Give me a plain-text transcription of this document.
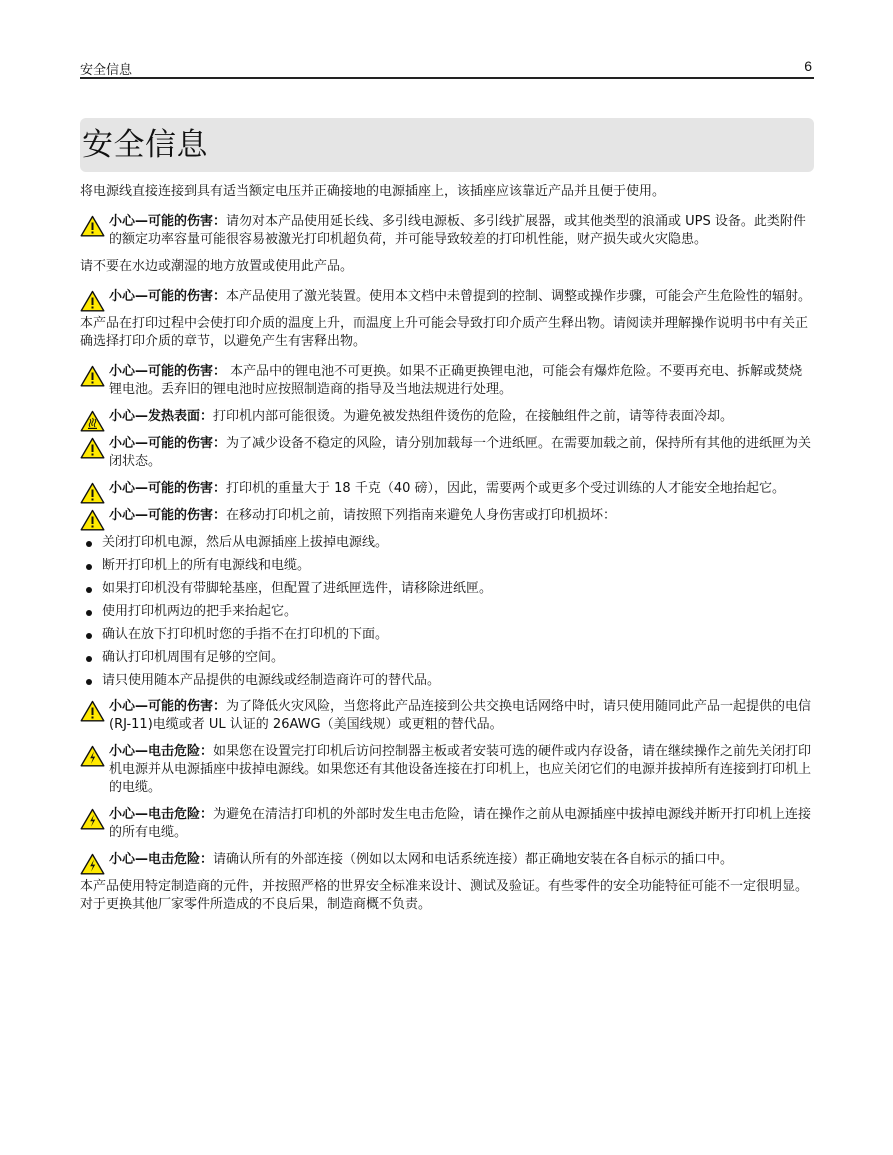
安全信息	6
安全信息

将电源线直接连接到具有适当额定电压并正确接地的电源插座上，该插座应该靠近产品并且便于使用。

小心—可能的伤害：请勿对本产品使用延长线、多引线电源板、多引线扩展器，或其他类型的浪涌或 UPS 设备。此类附件的额定功率容量可能很容易被激光打印机超负荷，并可能导致较差的打印机性能，财产损失或火灾隐患。

请不要在水边或潮湿的地方放置或使用此产品。

小心—可能的伤害：本产品使用了激光装置。使用本文档中未曾提到的控制、调整或操作步骤，可能会产生危险性的辐射。

本产品在打印过程中会使打印介质的温度上升，而温度上升可能会导致打印介质产生释出物。请阅读并理解操作说明书中有关正确选择打印介质的章节，以避免产生有害释出物。

小心—可能的伤害： 本产品中的锂电池不可更换。如果不正确更换锂电池，可能会有爆炸危险。不要再充电、拆解或焚烧锂电池。丢弃旧的锂电池时应按照制造商的指导及当地法规进行处理。
小心—发热表面：打印机内部可能很烫。为避免被发热组件烫伤的危险，在接触组件之前，请等待表面冷却。
小心—可能的伤害：为了减少设备不稳定的风险，请分别加载每一个进纸匣。在需要加载之前，保持所有其他的进纸匣为关闭状态。
小心—可能的伤害：打印机的重量大于 18 千克（40 磅），因此，需要两个或更多个受过训练的人才能安全地抬起它。
小心—可能的伤害：在移动打印机之前，请按照下列指南来避免人身伤害或打印机损坏：
关闭打印机电源，然后从电源插座上拔掉电源线。
断开打印机上的所有电源线和电缆。
如果打印机没有带脚轮基座，但配置了进纸匣选件，请移除进纸匣。
使用打印机两边的把手来抬起它。
确认在放下打印机时您的手指不在打印机的下面。
确认打印机周围有足够的空间。
请只使用随本产品提供的电源线或经制造商许可的替代品。
小心—可能的伤害：为了降低火灾风险，当您将此产品连接到公共交换电话网络中时，请只使用随同此产品一起提供的电信(RJ-11)电缆或者 UL 认证的 26AWG（美国线规）或更粗的替代品。
小心—电击危险：如果您在设置完打印机后访问控制器主板或者安装可选的硬件或内存设备，请在继续操作之前先关闭打印机电源并从电源插座中拔掉电源线。如果您还有其他设备连接在打印机上，也应关闭它们的电源并拔掉所有连接到打印机上的电缆。
小心—电击危险：为避免在清洁打印机的外部时发生电击危险，请在操作之前从电源插座中拔掉电源线并断开打印机上连接的所有电缆。
小心—电击危险：请确认所有的外部连接（例如以太网和电话系统连接）都正确地安装在各自标示的插口中。

本产品使用特定制造商的元件，并按照严格的世界安全标准来设计、测试及验证。有些零件的安全功能特征可能不一定很明显。对于更换其他厂家零件所造成的不良后果，制造商概不负责。
